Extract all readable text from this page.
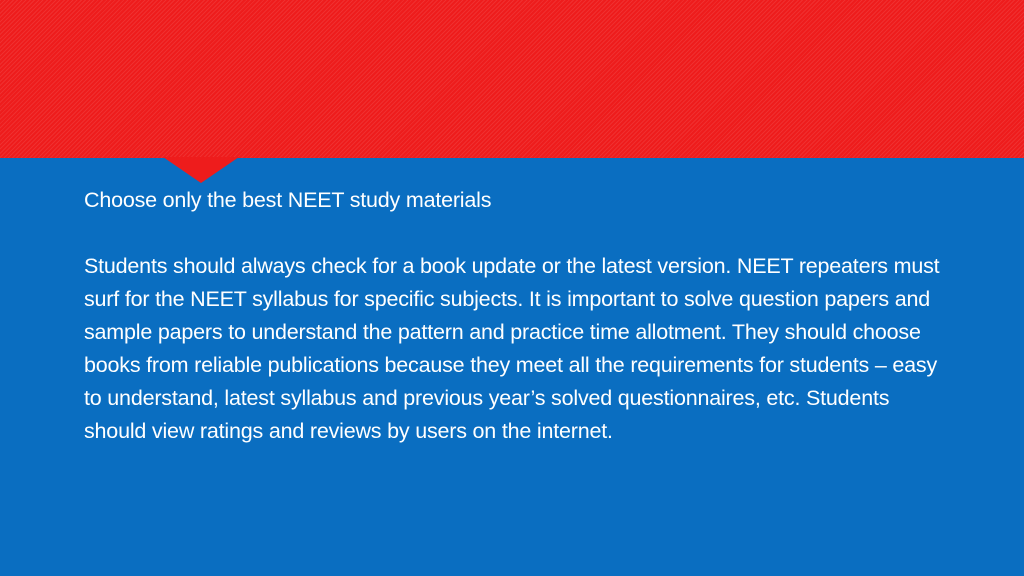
Choose only the best NEET study materials

Students should always check for a book update or the latest version. NEET repeaters must surf for the NEET syllabus for specific subjects. It is important to solve question papers and sample papers to understand the pattern and practice time allotment. They should choose books from reliable publications because they meet all the requirements for students – easy to understand, latest syllabus and previous year’s solved questionnaires, etc. Students should view ratings and reviews by users on the internet.
